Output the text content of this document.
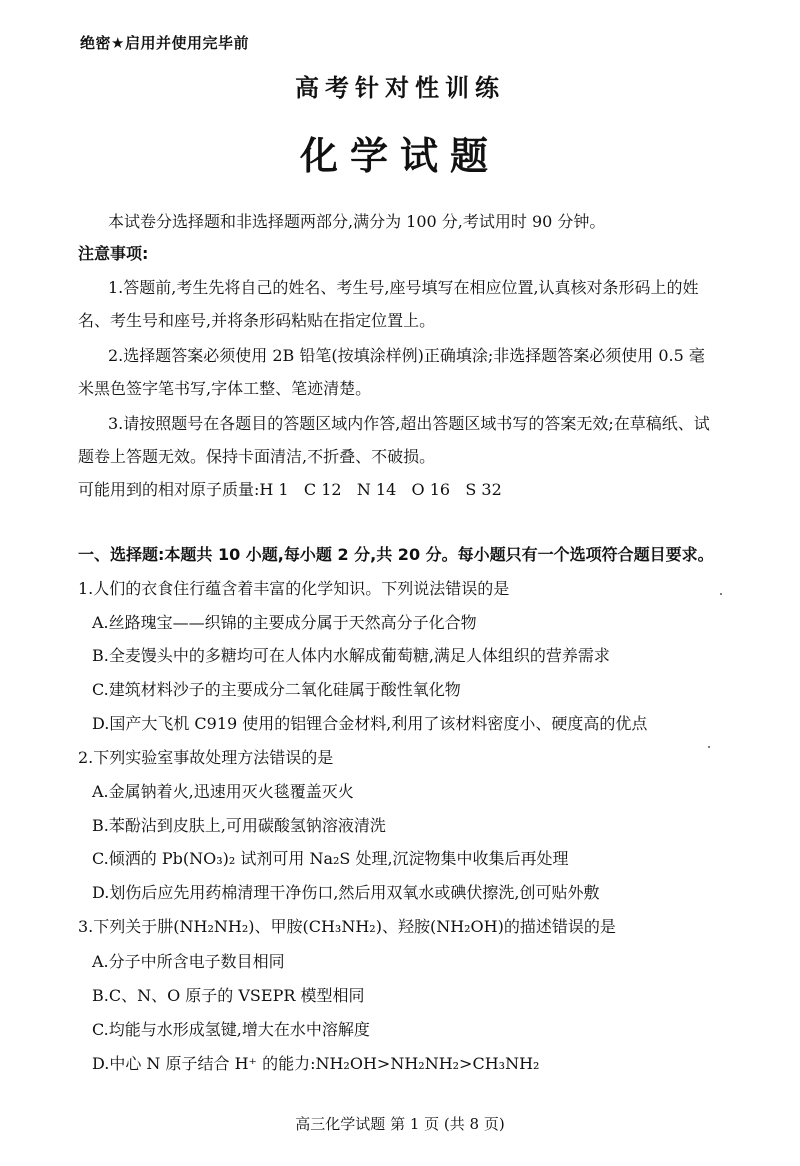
绝密★启用并使用完毕前
高考针对性训练
化学试题
本试卷分选择题和非选择题两部分,满分为 100 分,考试用时 90 分钟。
注意事项:
1.答题前,考生先将自己的姓名、考生号,座号填写在相应位置,认真核对条形码上的姓
名、考生号和座号,并将条形码粘贴在指定位置上。
2.选择题答案必须使用 2B 铅笔(按填涂样例)正确填涂;非选择题答案必须使用 0.5 毫
米黑色签字笔书写,字体工整、笔迹清楚。
3.请按照题号在各题目的答题区域内作答,超出答题区域书写的答案无效;在草稿纸、试
题卷上答题无效。保持卡面清洁,不折叠、不破损。
可能用到的相对原子质量:H 1   C 12   N 14   O 16   S 32
一、选择题:本题共 10 小题,每小题 2 分,共 20 分。每小题只有一个选项符合题目要求。
1.人们的衣食住行蕴含着丰富的化学知识。下列说法错误的是
A.丝路瑰宝——织锦的主要成分属于天然高分子化合物
B.全麦馒头中的多糖均可在人体内水解成葡萄糖,满足人体组织的营养需求
C.建筑材料沙子的主要成分二氧化硅属于酸性氧化物
D.国产大飞机 C919 使用的铝锂合金材料,利用了该材料密度小、硬度高的优点
2.下列实验室事故处理方法错误的是
A.金属钠着火,迅速用灭火毯覆盖灭火
B.苯酚沾到皮肤上,可用碳酸氢钠溶液清洗
C.倾洒的 Pb(NO₃)₂ 试剂可用 Na₂S 处理,沉淀物集中收集后再处理
D.划伤后应先用药棉清理干净伤口,然后用双氧水或碘伏擦洗,创可贴外敷
3.下列关于肼(NH₂NH₂)、甲胺(CH₃NH₂)、羟胺(NH₂OH)的描述错误的是
A.分子中所含电子数目相同
B.C、N、O 原子的 VSEPR 模型相同
C.均能与水形成氢键,增大在水中溶解度
D.中心 N 原子结合 H⁺ 的能力:NH₂OH>NH₂NH₂>CH₃NH₂
高三化学试题 第 1 页 (共 8 页)
